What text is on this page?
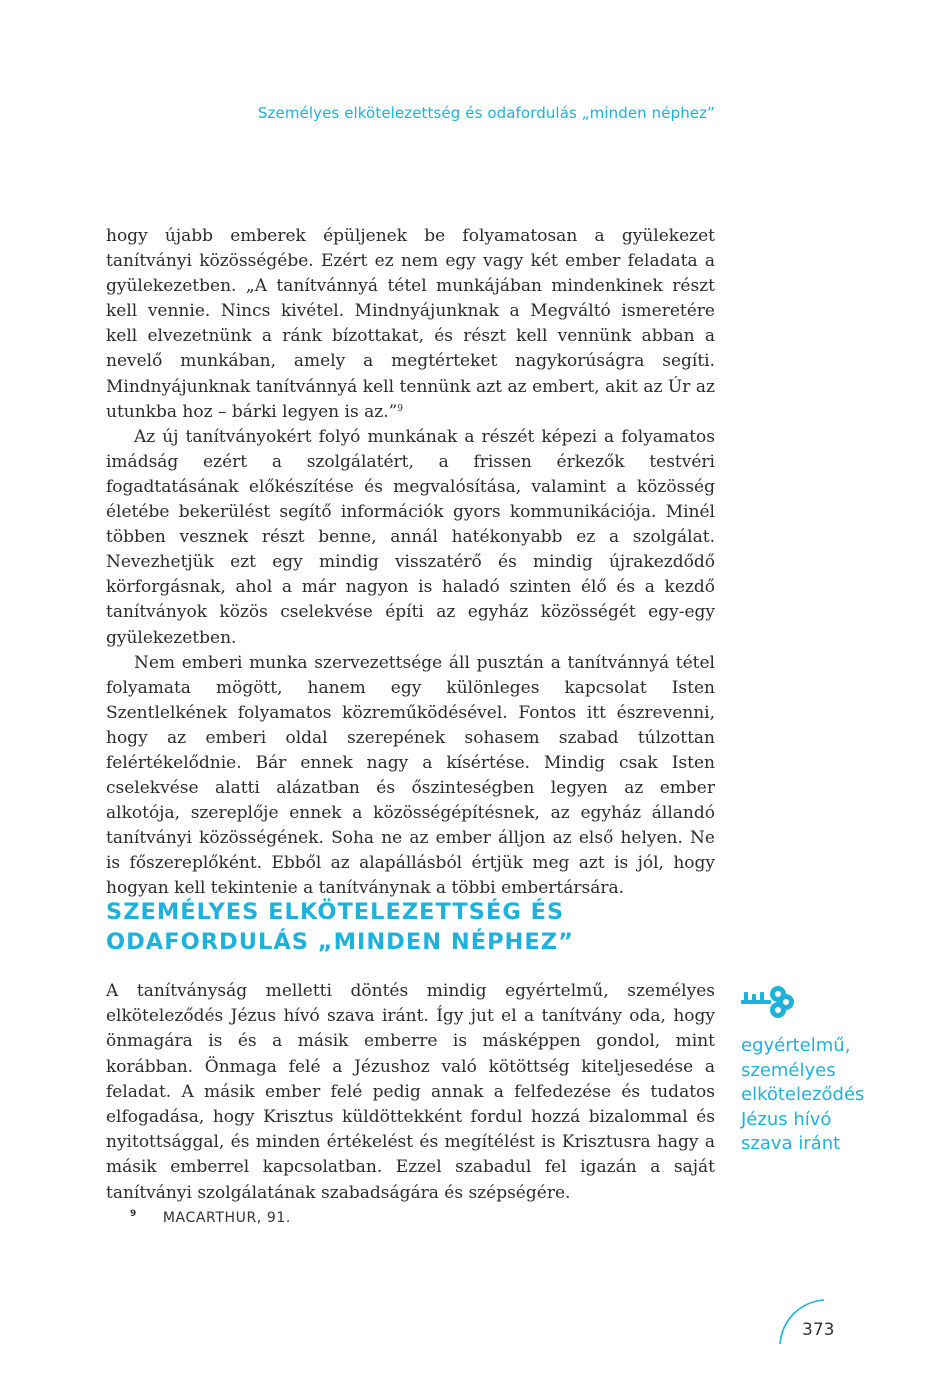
Személyes elkötelezettség és odafordulás „minden néphez”

hogy újabb emberek épüljenek be folyamatosan a gyülekezet tanítványi közösségébe. Ezért ez nem egy vagy két ember feladata a gyülekezetben. „A tanítvánnyá tétel munkájában mindenkinek részt kell vennie. Nincs kivétel. Mindnyájunknak a Megváltó ismeretére kell elvezetnünk a ránk bízottakat, és részt kell vennünk abban a nevelő munkában, amely a megtérteket nagykorúságra segíti. Mindnyájunknak tanítvánnyá kell tennünk azt az embert, akit az Úr az utunkba hoz – bárki legyen is az.”$^9$

Az új tanítványokért folyó munkának a részét képezi a folyamatos imádság ezért a szolgálatért, a frissen érkezők testvéri fogadtatásának előkészítése és megvalósítása, valamint a közösség életébe bekerülést segítő információk gyors kommunikációja. Minél többen vesznek részt benne, annál hatékonyabb ez a szolgálat. Nevezhetjük ezt egy mindig visszatérő és mindig újrakezdődő körforgásnak, ahol a már nagyon is haladó szinten élő és a kezdő tanítványok közös cselekvése építi az egyház közösségét egy-egy gyülekezetben.

Nem emberi munka szervezettsége áll pusztán a tanítvánnyá tétel folyamata mögött, hanem egy különleges kapcsolat Isten Szentlelkének folyamatos közreműködésével. Fontos itt észrevenni, hogy az emberi oldal szerepének sohasem szabad túlzottan felértékelődnie. Bár ennek nagy a kísértése. Mindig csak Isten cselekvése alatti alázatban és őszinteségben legyen az ember alkotója, szereplője ennek a közösségépítésnek, az egyház állandó tanítványi közösségének. Soha ne az ember álljon az első helyen. Ne is főszereplőként. Ebből az alapállásból értjük meg azt is jól, hogy hogyan kell tekintenie a tanítványnak a többi embertársára.

SZEMÉLYES ELKÖTELEZETTSÉG ÉS
ODAFORDULÁS „MINDEN NÉPHEZ”

A tanítványság melletti döntés mindig egyértelmű, személyes elköteleződés Jézus hívó szava iránt. Így jut el a tanítvány oda, hogy önmagára is és a másik emberre is másképpen gondol, mint korábban. Önmaga felé a Jézushoz való kötöttség kiteljesedése a feladat. A másik ember felé pedig annak a felfedezése és tudatos elfogadása, hogy Krisztus küldöttekként fordul hozzá bizalommal és nyitottsággal, és minden értékelést és megítélést is Krisztusra hagy a másik emberrel kapcsolatban. Ezzel szabadul fel igazán a saját tanítványi szolgálatának szabadságára és szépségére.

egyértelmű,
személyes
elköteleződés
Jézus hívó
szava iránt

$^9$ MACARTHUR, 91.
373
